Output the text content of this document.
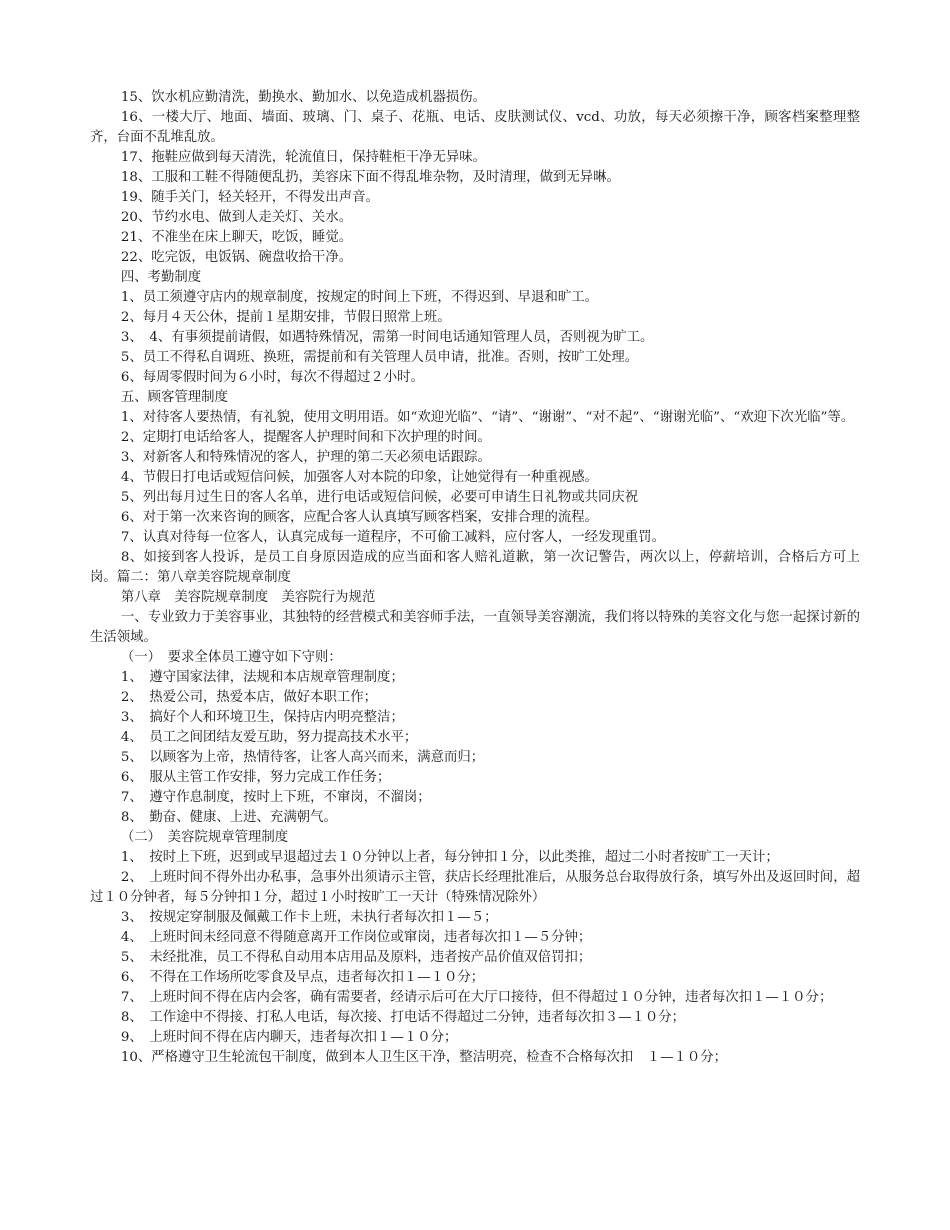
15、饮水机应勤清洗，勤换水、勤加水、以免造成机器损伤。

16、一楼大厅、地面、墙面、玻璃、门、桌子、花瓶、电话、皮肤测试仪、vcd、功放，每天必须擦干净，顾客档案整理整齐，台面不乱堆乱放。

17、拖鞋应做到每天清洗，轮流值日，保持鞋柜干净无异味。

18、工服和工鞋不得随便乱扔，美容床下面不得乱堆杂物，及时清理，做到无异晽。

19、随手关门，轻关轻开，不得发出声音。

20、节约水电、做到人走关灯、关水。

21、不准坐在床上聊天，吃饭，睡觉。

22、吃完饭，电饭锅、碗盘收拾干净。

四、考勤制度

1、员工须遵守店内的规章制度，按规定的时间上下班，不得迟到、早退和旷工。

2、每月４天公休，提前１星期安排，节假日照常上班。

3、　4、有事须提前请假，如遇特殊情况，需第一时间电话通知管理人员，否则视为旷工。

5、员工不得私自调班、换班，需提前和有关管理人员申请，批准。否则，按旷工处理。

6、每周零假时间为６小时，每次不得超过２小时。

五、顾客管理制度

1、对待客人要热情，有礼貌，使用文明用语。如“欢迎光临”、“请”、“谢谢”、“对不起”、“谢谢光临”、“欢迎下次光临”等。

2、定期打电话给客人，提醒客人护理时间和下次护理的时间。

3、对新客人和特殊情况的客人，护理的第二天必须电话跟踪。

4、节假日打电话或短信问候，加强客人对本院的印象，让她觉得有一种重视感。

5、列出每月过生日的客人名单，进行电话或短信问候，必要可申请生日礼物或共同庆祝

6、对于第一次来咨询的顾客，应配合客人认真填写顾客档案，安排合理的流程。

7、认真对待每一位客人，认真完成每一道程序，不可偷工减料，应付客人，一经发现重罚。

8、如接到客人投诉，是员工自身原因造成的应当面和客人赔礼道歉，第一次记警告，两次以上，停薪培训，合格后方可上岗。篇二：第八章美容院规章制度

第八章　美容院规章制度　美容院行为规范

一、专业致力于美容事业，其独特的经营模式和美容师手法，一直领导美容潮流，我们将以特殊的美容文化与您一起探讨新的生活领域。

（一）　要求全体员工遵守如下守则：

1、　遵守国家法律，法规和本店规章管理制度；

2、　热爱公司，热爱本店，做好本职工作；

3、　搞好个人和环境卫生，保持店内明亮整洁；

4、　员工之间团结友爱互助，努力提高技术水平；

5、　以顾客为上帝，热情待客，让客人高兴而来，满意而归；

6、　服从主管工作安排，努力完成工作任务；

7、　遵守作息制度，按时上下班，不窜岗，不溜岗；

8、　勤奋、健康、上进、充满朝气。

（二）　美容院规章管理制度

1、　按时上下班，迟到或早退超过去１０分钟以上者，每分钟扣１分，以此类推，超过二小时者按旷工一天计；

2、　上班时间不得外出办私事，急事外出须请示主管，获店长经理批准后，从服务总台取得放行条，填写外出及返回时间，超过１０分钟者，每５分钟扣１分，超过１小时按旷工一天计（特殊情况除外）

3、　按规定穿制服及佩戴工作卡上班，未执行者每次扣１—５；

4、　上班时间未经同意不得随意离开工作岗位或窜岗，违者每次扣１—５分钟；

5、　未经批准，员工不得私自动用本店用品及原料，违者按产品价值双倍罚扣；

6、　不得在工作场所吃零食及早点，违者每次扣１—１０分；

7、　上班时间不得在店内会客，确有需要者，经请示后可在大厅口接待，但不得超过１０分钟，违者每次扣１—１０分；

8、　工作途中不得接、打私人电话，每次接、打电话不得超过二分钟，违者每次扣３—１０分；

9、　上班时间不得在店内聊天，违者每次扣１—１０分；

10、严格遵守卫生轮流包干制度，做到本人卫生区干净，整洁明亮，检查不合格每次扣　１—１０分；
